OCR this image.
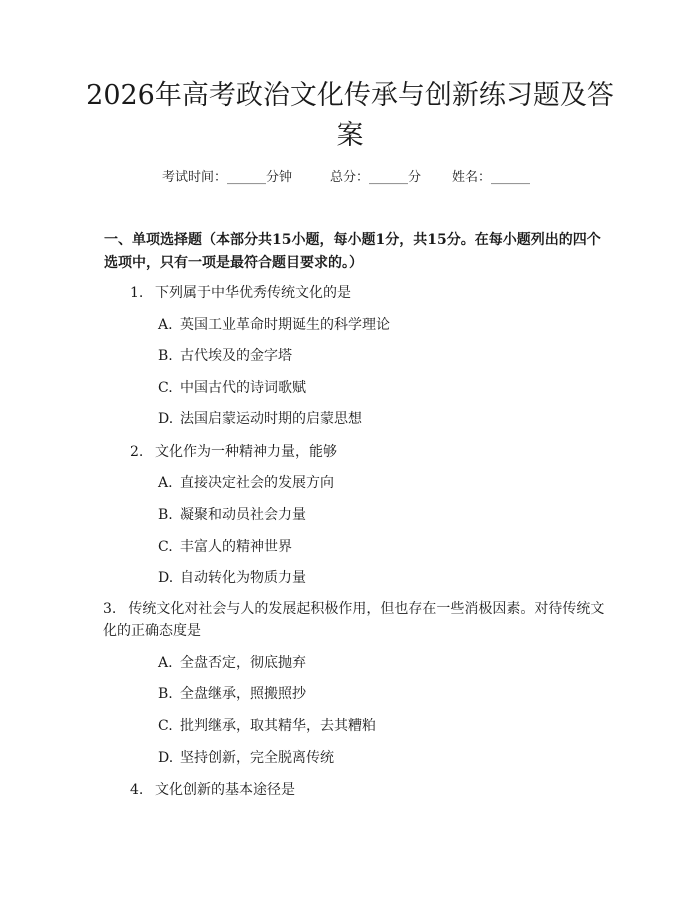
2026年高考政治文化传承与创新练习题及答案
考试时间：______分钟	总分：______分 姓名：______

一、单项选择题（本部分共15小题，每小题1分，共15分。在每小题列出的四个选项中，只有一项是最符合题目要求的。）

1. 下列属于中华优秀传统文化的是
A. 英国工业革命时期诞生的科学理论
B. 古代埃及的金字塔
C. 中国古代的诗词歌赋
D. 法国启蒙运动时期的启蒙思想
2. 文化作为一种精神力量，能够
A. 直接决定社会的发展方向
B. 凝聚和动员社会力量
C. 丰富人的精神世界
D. 自动转化为物质力量
3. 传统文化对社会与人的发展起积极作用，但也存在一些消极因素。对待传统文化的正确态度是
A. 全盘否定，彻底抛弃
B. 全盘继承，照搬照抄
C. 批判继承，取其精华，去其糟粕
D. 坚持创新，完全脱离传统
4. 文化创新的基本途径是
